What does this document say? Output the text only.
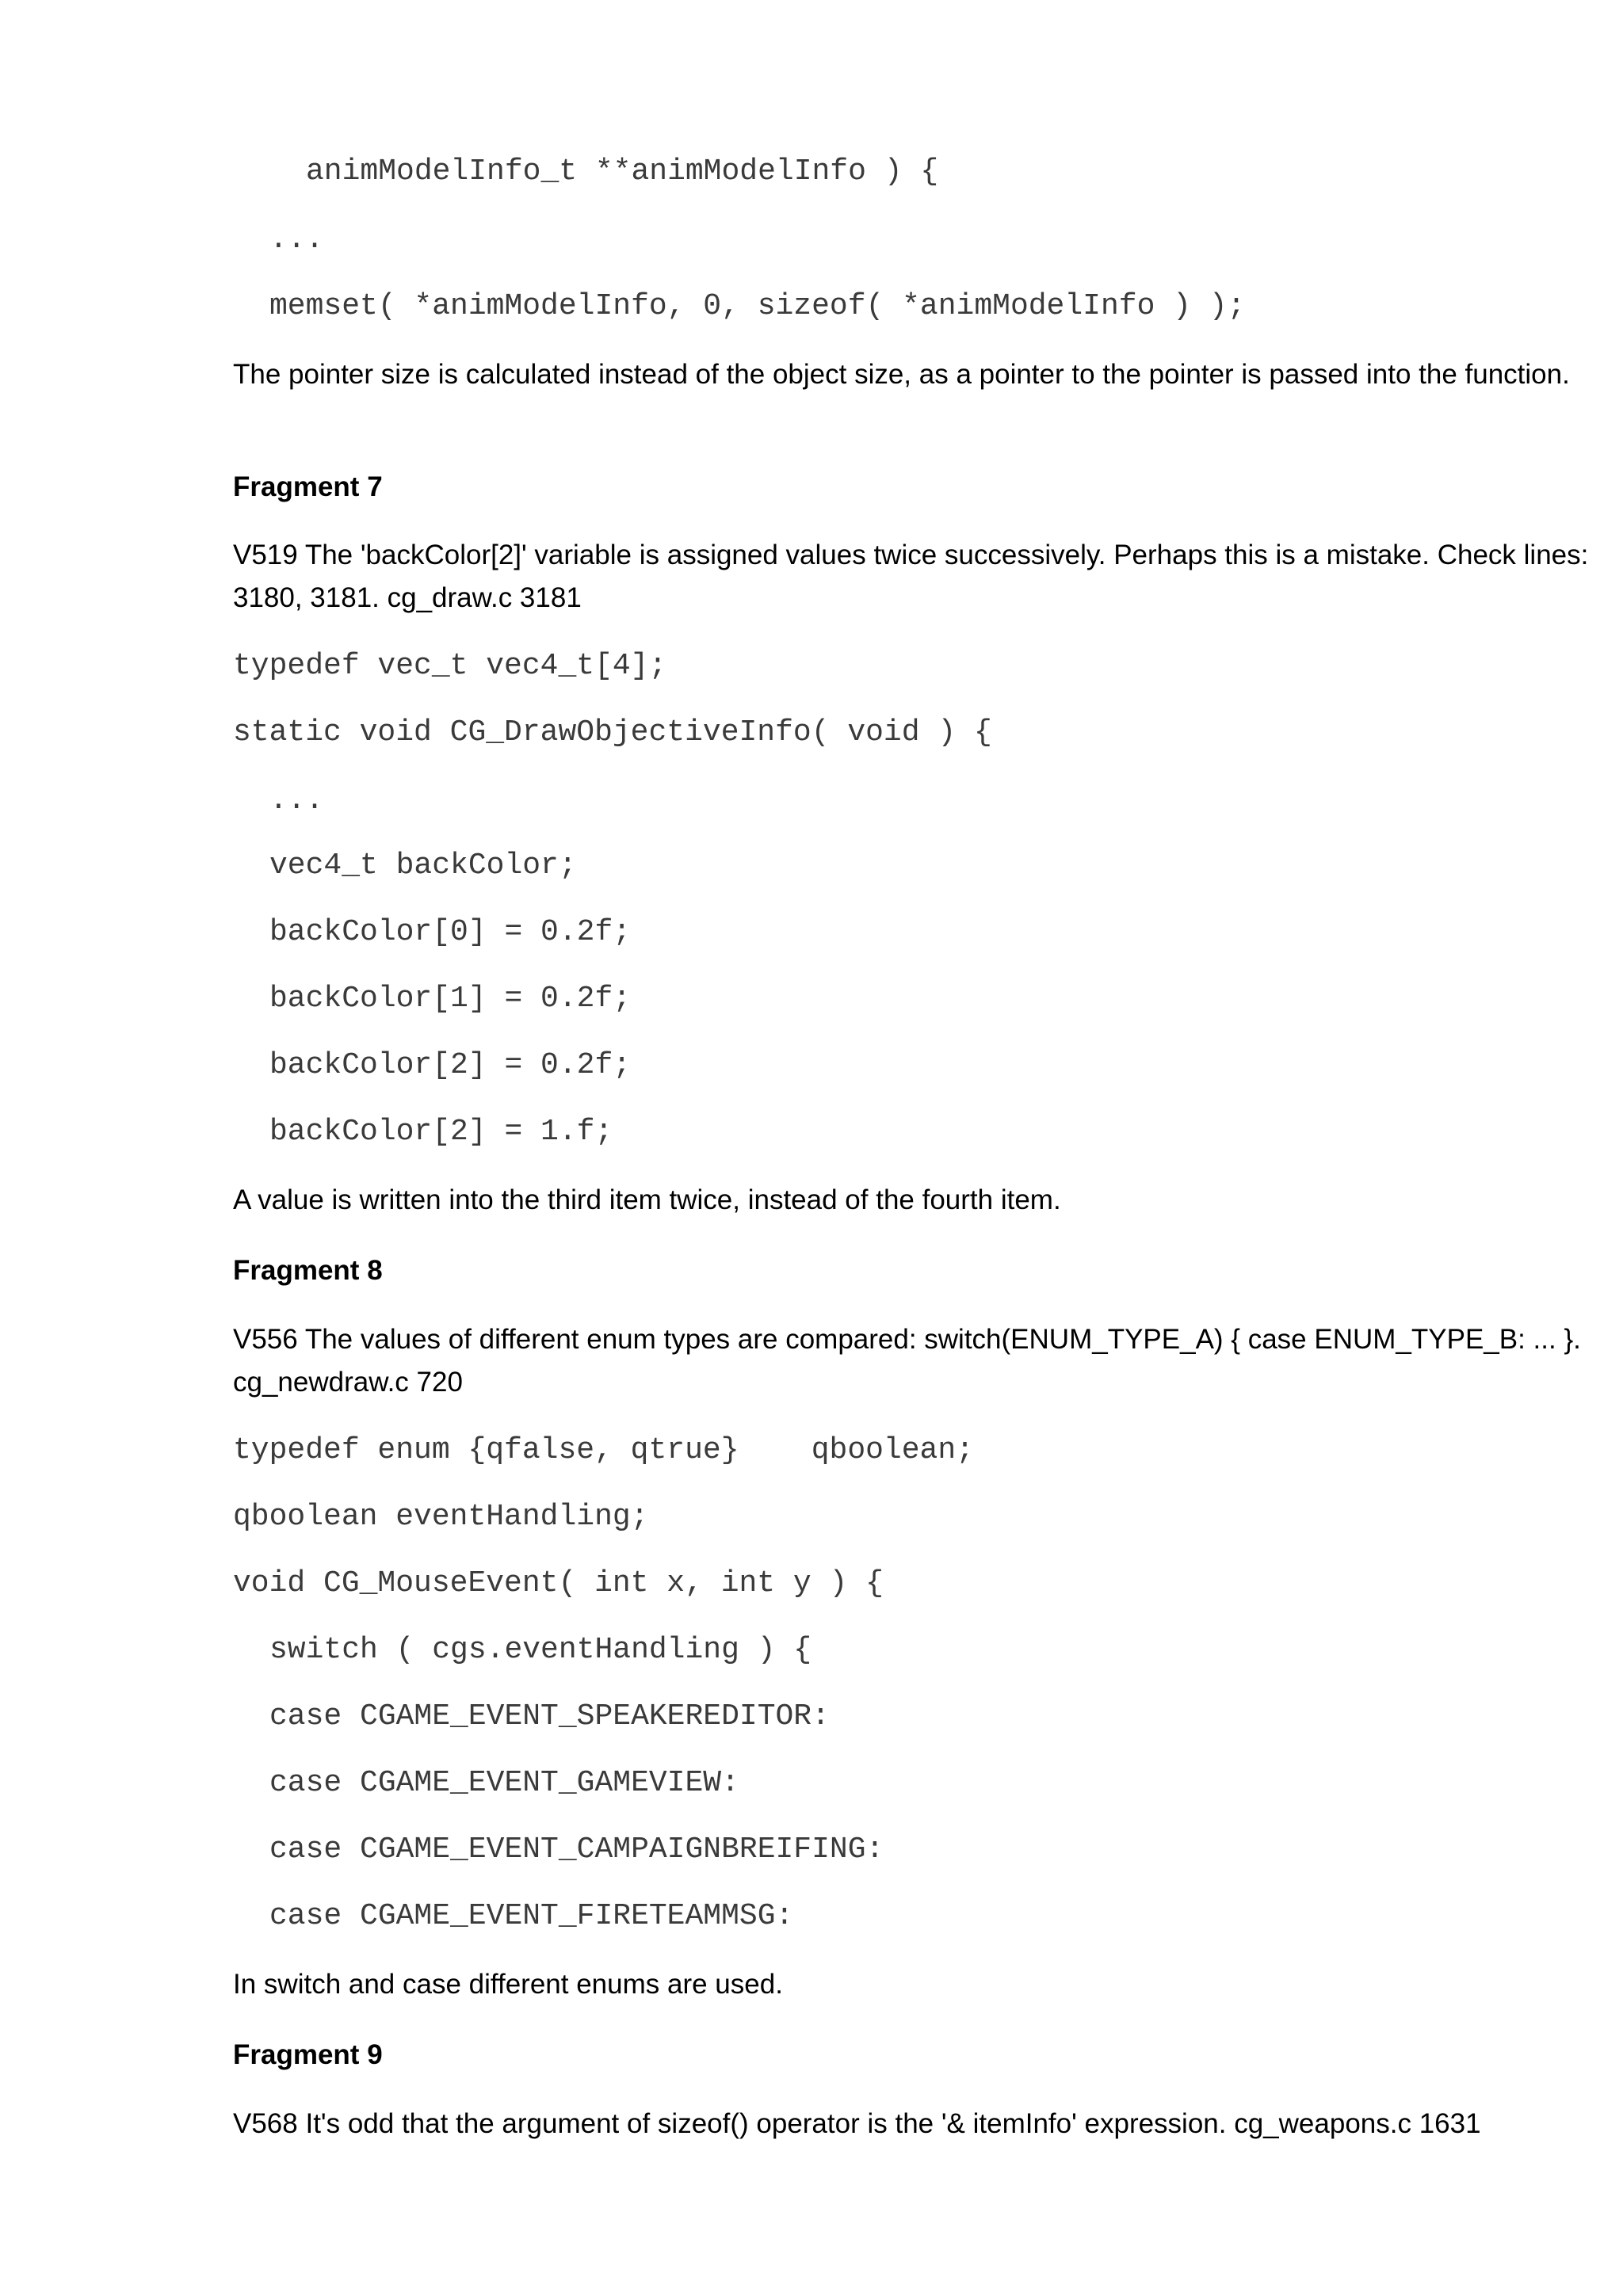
animModelInfo_t **animModelInfo ) {
...
memset( *animModelInfo, 0, sizeof( *animModelInfo ) );
The pointer size is calculated instead of the object size, as a pointer to the pointer is passed into the function.
Fragment 7
V519 The 'backColor[2]' variable is assigned values twice successively. Perhaps this is a mistake. Check lines: 3180, 3181. cg_draw.c 3181
typedef vec_t vec4_t[4];
static void CG_DrawObjectiveInfo( void ) {
...
vec4_t backColor;
backColor[0] = 0.2f;
backColor[1] = 0.2f;
backColor[2] = 0.2f;
backColor[2] = 1.f;
A value is written into the third item twice, instead of the fourth item.
Fragment 8
V556 The values of different enum types are compared: switch(ENUM_TYPE_A) { case ENUM_TYPE_B: ... }. cg_newdraw.c 720
typedef enum {qfalse, qtrue}    qboolean;
qboolean eventHandling;
void CG_MouseEvent( int x, int y ) {
switch ( cgs.eventHandling ) {
case CGAME_EVENT_SPEAKEREDITOR:
case CGAME_EVENT_GAMEVIEW:
case CGAME_EVENT_CAMPAIGNBREIFING:
case CGAME_EVENT_FIRETEAMMSG:
In switch and case different enums are used.
Fragment 9
V568 It's odd that the argument of sizeof() operator is the '& itemInfo' expression. cg_weapons.c 1631
